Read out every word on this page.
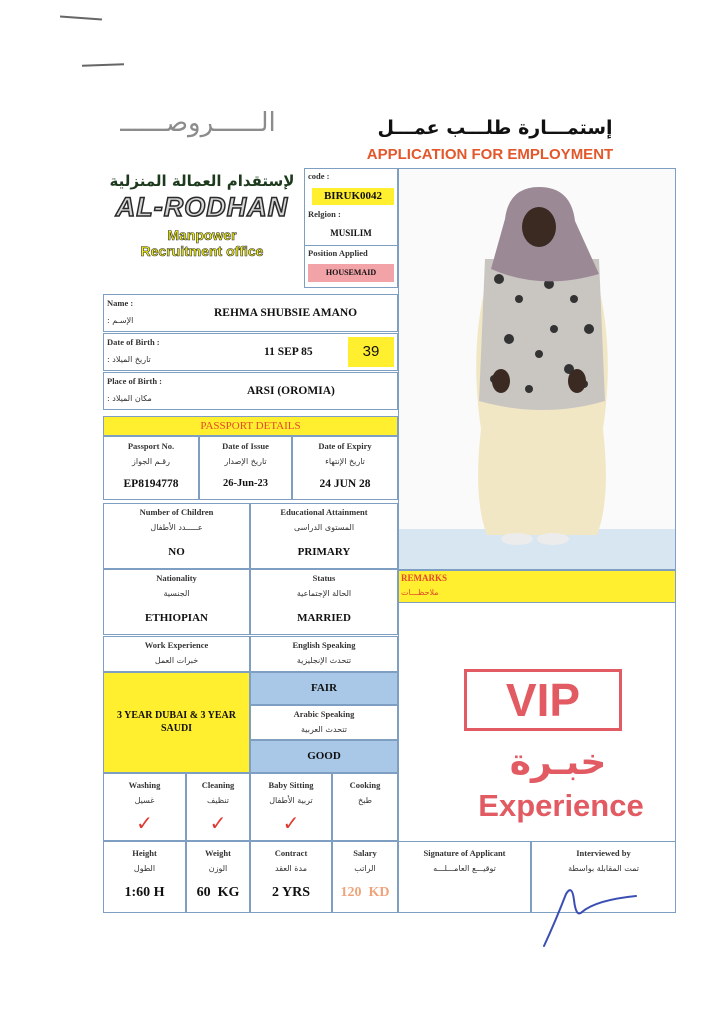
الــــــروصــــــ	إستمـــارة طلـــب عمـــل
APPLICATION FOR EMPLOYMENT
لإستقدام العمالة المنزلية
AL-RODHAN
Manpower
Recruitment office
code :
BIRUK0042
Relgion :
MUSILIM
Position Applied
HOUSEMAID
Name :
: الإسـم
REHMA SHUBSIE AMANO
Date of Birth :
: تاريخ الميلاد
11 SEP 85	39
Place of Birth :
: مكان الميلاد
ARSI (OROMIA)
PASSPORT DETAILS
Passport No.
رقـم الجواز
EP8194778
Date of Issue
تاريخ الإصدار
26-Jun-23
Date of Expiry
تاريخ الإنتهاء
24 JUN 28
Number of Children
عـــــدد الأطفال
NO
Educational Attainment
المستوى الدراسى
PRIMARY
Nationality
الجنسية
ETHIOPIAN
Status
الحالة الإجتماعية
MARRIED
REMARKS
ملاحظـــات
Work Experience
خبرات العمل
English Speaking
تتحدث الإنجليزية
3 YEAR DUBAI & 3 YEAR SAUDI
FAIR
Arabic Speaking
تتحدث العربية
GOOD
VIP
خبـرة
Experience
Washing
غسيل
✓
Cleaning
تنظيف
✓
Baby Sitting
تربية الأطفال
✓
Cooking
طبخ
Height
الطول
1:60 H
Weight
الوزن
60  KG
Contract
مدة العقد
2 YRS
Salary
الراتب
120  KD
Signature of Applicant
توقيـــع العامـــلـــه
Interviewed by
تمت المقابلة بواسطة
